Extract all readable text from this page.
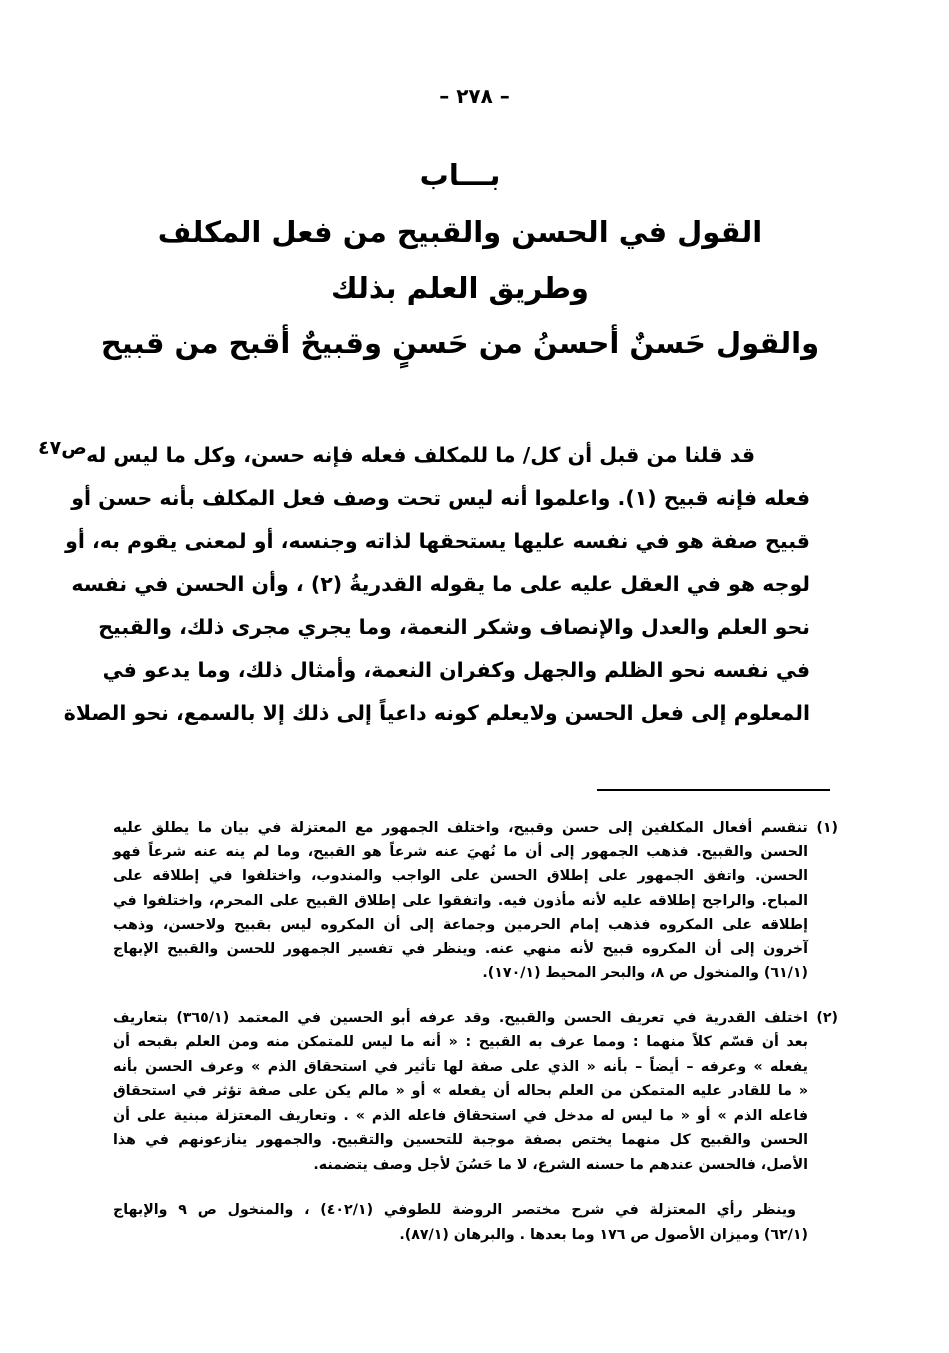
– ٢٧٨ –
بـــاب
القول في الحسن والقبيح من فعل المكلف
وطريق العلم بذلك
والقول حَسنٌ أحسنُ من حَسنٍ وقبيحٌ أقبح من قبيح
ص٤٧ قد قلنا من قبل أن كل/ ما للمكلف فعله فإنه حسن، وكل ما ليس له
فعله فإنه قبيح (١). واعلموا أنه ليس تحت وصف فعل المكلف بأنه حسن أو
قبيح صفة هو في نفسه عليها يستحقها لذاته وجنسه، أو لمعنى يقوم به، أو
لوجه هو في العقل عليه على ما يقوله القدريةُ (٢) ، وأن الحسن في نفسه
نحو العلم والعدل والإنصاف وشكر النعمة، وما يجري مجرى ذلك، والقبيح
في نفسه نحو الظلم والجهل وكفران النعمة، وأمثال ذلك، وما يدعو في
المعلوم إلى فعل الحسن ولايعلم كونه داعياً إلى ذلك إلا بالسمع، نحو الصلاة
(١) تنقسم أفعال المكلفين إلى حسن وقبيح، واختلف الجمهور مع المعتزلة في بيان ما يطلق عليه
الحسن والقبيح. فذهب الجمهور إلى أن ما نُهيَ عنه شرعاً هو القبيح، وما لم ينه عنه شرعاً فهو
الحسن. واتفق الجمهور على إطلاق الحسن على الواجب والمندوب، واختلفوا في إطلاقه على
المباح. والراجح إطلاقه عليه لأنه مأذون فيه. واتفقوا على إطلاق القبيح على المحرم، واختلفوا في
إطلاقه على المكروه فذهب إمام الحرمين وجماعة إلى أن المكروه ليس بقبيح ولاحسن، وذهب
آخرون إلى أن المكروه قبيح لأنه منهي عنه. وينظر في تفسير الجمهور للحسن والقبيح الإبهاج
(٦١/١) والمنخول ص ٨، والبحر المحيط (١٧٠/١).
(٢) اختلف القدرية في تعريف الحسن والقبيح. وقد عرفه أبو الحسين في المعتمد (٣٦٥/١) بتعاريف
بعد أن قسّم كلاً منهما : ومما عرف به القبيح : « أنه ما ليس للمتمكن منه ومن العلم بقبحه أن
يفعله » وعرفه – أيضاً – بأنه « الذي على صفة لها تأثير في استحقاق الذم » وعرف الحسن بأنه
« ما للقادر عليه المتمكن من العلم بحاله أن يفعله » أو « مالم يكن على صفة تؤثر في استحقاق
فاعله الذم » أو « ما ليس له مدخل في استحقاق فاعله الذم » . وتعاريف المعتزلة مبنية على أن
الحسن والقبيح كل منهما يختص بصفة موجبة للتحسين والتقبيح. والجمهور ينازعونهم في هذا
الأصل، فالحسن عندهم ما حسنه الشرع، لا ما حَسُنَ لأجل وصف يتضمنه.
وينظر رأي المعتزلة في شرح مختصر الروضة للطوفي (٤٠٢/١) ، والمنخول ص ٩ والإبهاج
(٦٢/١) وميزان الأصول ص ١٧٦ وما بعدها . والبرهان (٨٧/١).
